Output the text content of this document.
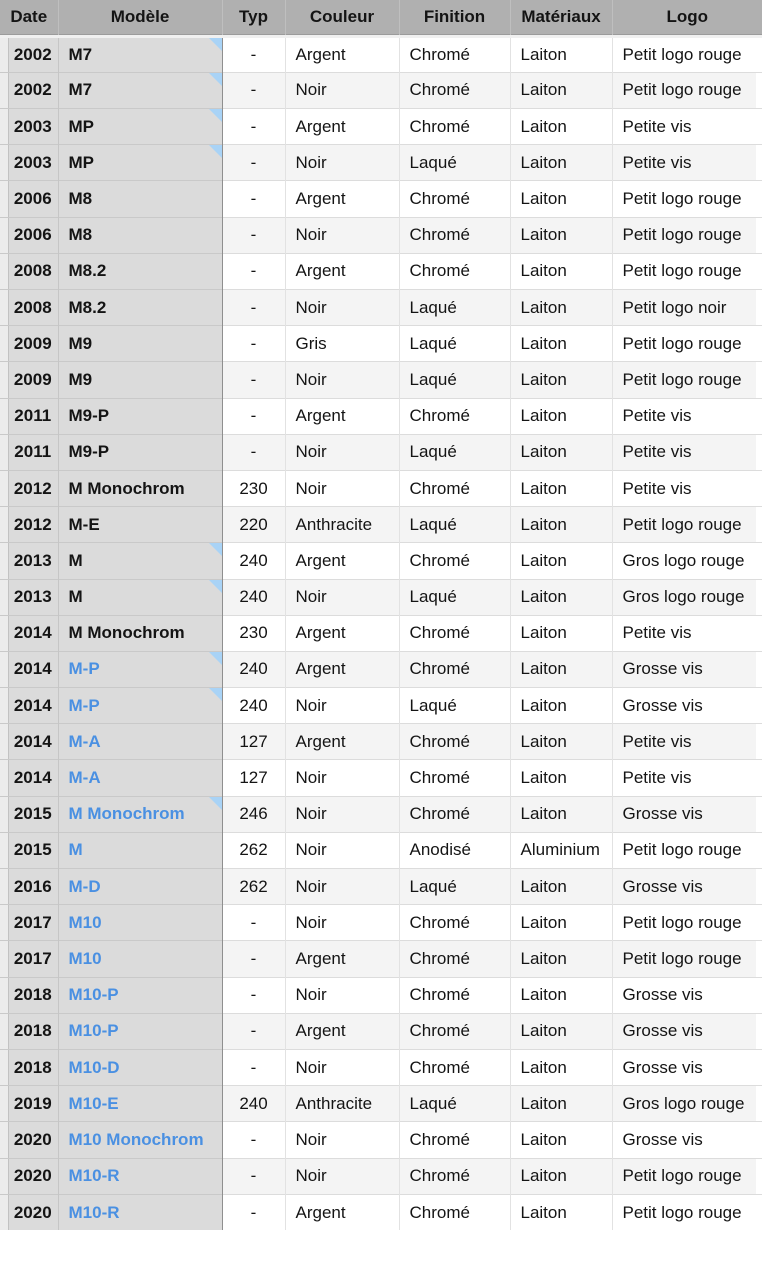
Date	Modèle	Typ	Couleur	Finition	Matériaux	Logo
2002	M7	-	Argent	Chromé	Laiton	Petit logo rouge
2002	M7	-	Noir	Chromé	Laiton	Petit logo rouge
2003	MP	-	Argent	Chromé	Laiton	Petite vis
2003	MP	-	Noir	Laqué	Laiton	Petite vis
2006	M8	-	Argent	Chromé	Laiton	Petit logo rouge
2006	M8	-	Noir	Chromé	Laiton	Petit logo rouge
2008	M8.2	-	Argent	Chromé	Laiton	Petit logo rouge
2008	M8.2	-	Noir	Laqué	Laiton	Petit logo noir
2009	M9	-	Gris	Laqué	Laiton	Petit logo rouge
2009	M9	-	Noir	Laqué	Laiton	Petit logo rouge
2011	M9-P	-	Argent	Chromé	Laiton	Petite vis
2011	M9-P	-	Noir	Laqué	Laiton	Petite vis
2012	M Monochrom	230	Noir	Chromé	Laiton	Petite vis
2012	M-E	220	Anthracite	Laqué	Laiton	Petit logo rouge
2013	M	240	Argent	Chromé	Laiton	Gros logo rouge
2013	M	240	Noir	Laqué	Laiton	Gros logo rouge
2014	M Monochrom	230	Argent	Chromé	Laiton	Petite vis
2014	M-P	240	Argent	Chromé	Laiton	Grosse vis
2014	M-P	240	Noir	Laqué	Laiton	Grosse vis
2014	M-A	127	Argent	Chromé	Laiton	Petite vis
2014	M-A	127	Noir	Chromé	Laiton	Petite vis
2015	M Monochrom	246	Noir	Chromé	Laiton	Grosse vis
2015	M	262	Noir	Anodisé	Aluminium	Petit logo rouge
2016	M-D	262	Noir	Laqué	Laiton	Grosse vis
2017	M10	-	Noir	Chromé	Laiton	Petit logo rouge
2017	M10	-	Argent	Chromé	Laiton	Petit logo rouge
2018	M10-P	-	Noir	Chromé	Laiton	Grosse vis
2018	M10-P	-	Argent	Chromé	Laiton	Grosse vis
2018	M10-D	-	Noir	Chromé	Laiton	Grosse vis
2019	M10-E	240	Anthracite	Laqué	Laiton	Gros logo rouge
2020	M10 Monochrom	-	Noir	Chromé	Laiton	Grosse vis
2020	M10-R	-	Noir	Chromé	Laiton	Petit logo rouge
2020	M10-R	-	Argent	Chromé	Laiton	Petit logo rouge
